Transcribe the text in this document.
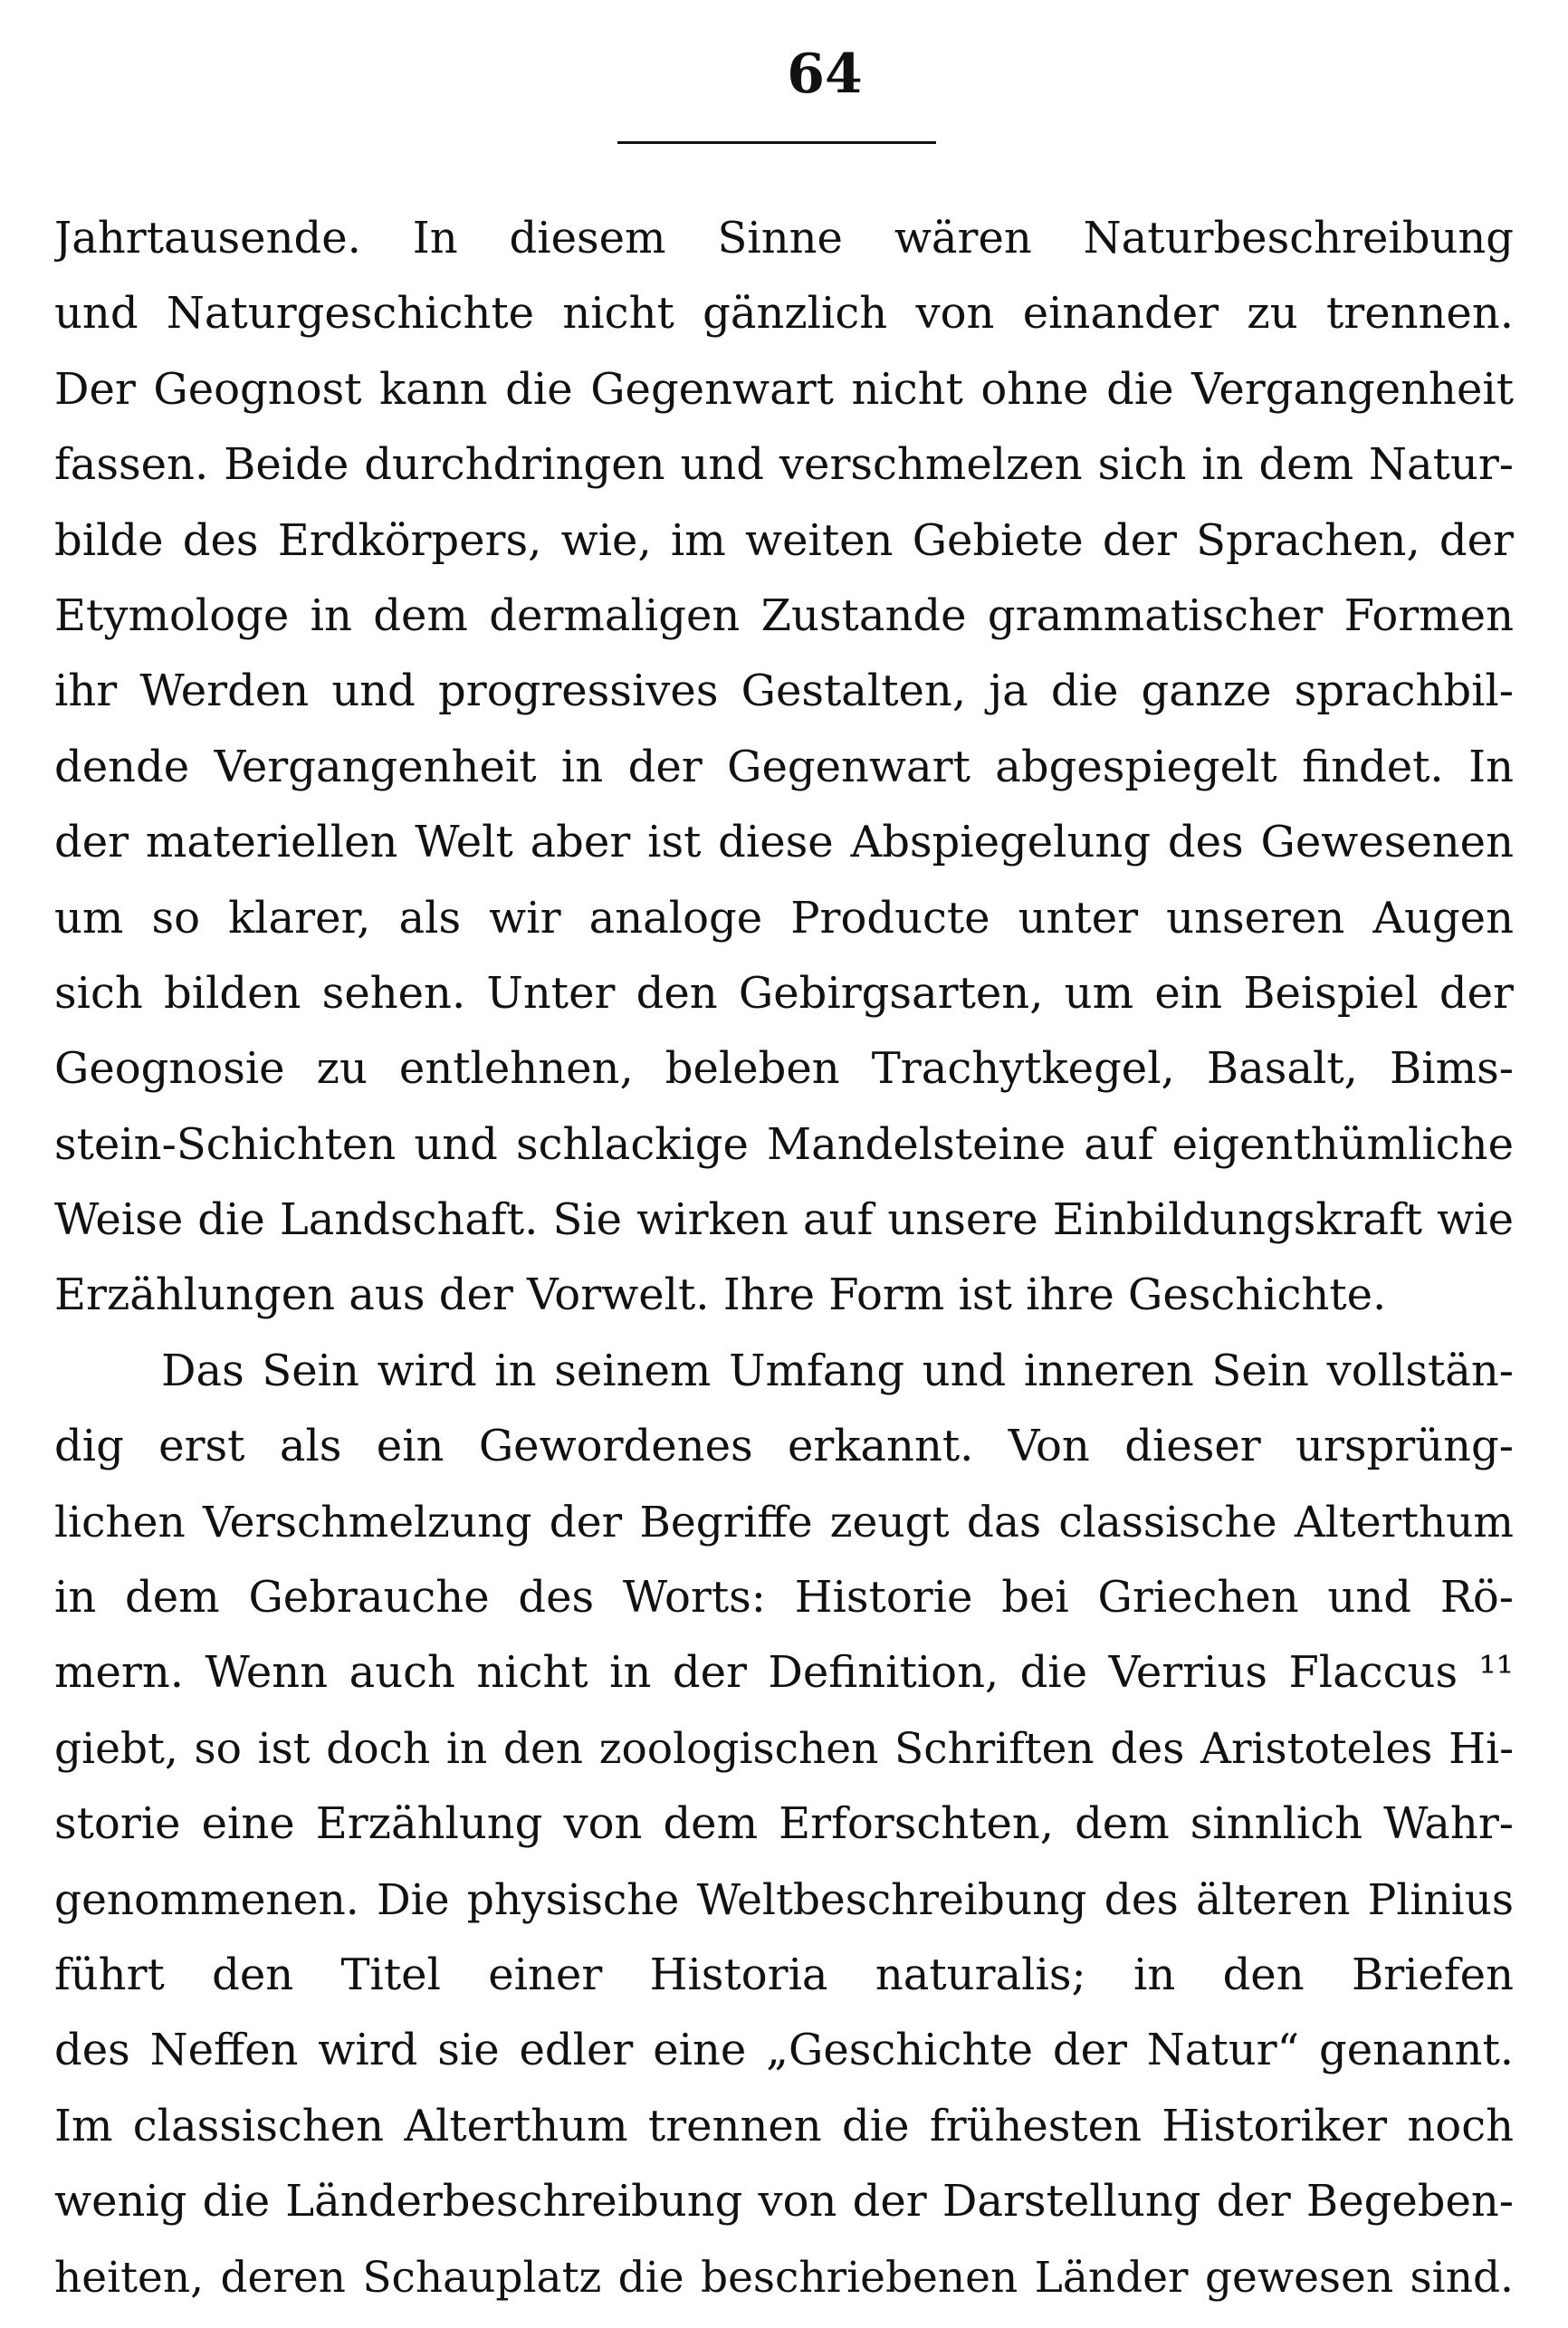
64
Jahrtausende. In diesem Sinne wären Naturbeschreibung
und Naturgeschichte nicht gänzlich von einander zu trennen.
Der Geognost kann die Gegenwart nicht ohne die Vergangenheit
fassen. Beide durchdringen und verschmelzen sich in dem Natur-
bilde des Erdkörpers, wie, im weiten Gebiete der Sprachen, der
Etymologe in dem dermaligen Zustande grammatischer Formen
ihr Werden und progressives Gestalten, ja die ganze sprachbil-
dende Vergangenheit in der Gegenwart abgespiegelt findet. In
der materiellen Welt aber ist diese Abspiegelung des Gewesenen
um so klarer, als wir analoge Producte unter unseren Augen
sich bilden sehen. Unter den Gebirgsarten, um ein Beispiel der
Geognosie zu entlehnen, beleben Trachytkegel, Basalt, Bims-
stein-Schichten und schlackige Mandelsteine auf eigenthümliche
Weise die Landschaft. Sie wirken auf unsere Einbildungskraft wie
Erzählungen aus der Vorwelt. Ihre Form ist ihre Geschichte.
Das Sein wird in seinem Umfang und inneren Sein vollstän-
dig erst als ein Gewordenes erkannt. Von dieser ursprüng-
lichen Verschmelzung der Begriffe zeugt das classische Alterthum
in dem Gebrauche des Worts: Historie bei Griechen und Rö-
mern. Wenn auch nicht in der Definition, die Verrius Flaccus ¹¹
giebt, so ist doch in den zoologischen Schriften des Aristoteles Hi-
storie eine Erzählung von dem Erforschten, dem sinnlich Wahr-
genommenen. Die physische Weltbeschreibung des älteren Plinius
führt den Titel einer Historia naturalis; in den Briefen
des Neffen wird sie edler eine „Geschichte der Natur“ genannt.
Im classischen Alterthum trennen die frühesten Historiker noch
wenig die Länderbeschreibung von der Darstellung der Begeben-
heiten, deren Schauplatz die beschriebenen Länder gewesen sind.
